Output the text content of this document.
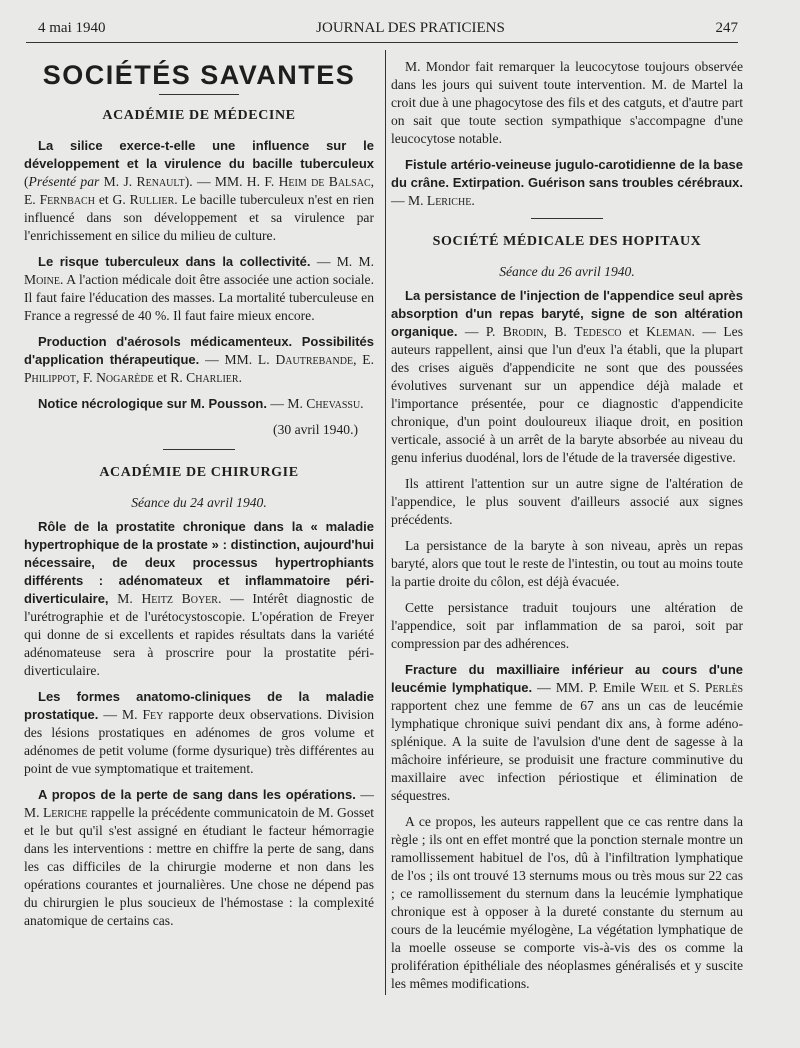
4 mai 1940	JOURNAL DES PRATICIENS	247
SOCIÉTÉS SAVANTES
ACADÉMIE DE MÉDECINE

La silice exerce-t-elle une influence sur le développement et la virulence du bacille tuberculeux (Présenté par M. J. Renault). — MM. H. F. Heim de Balsac, E. Fernbach et G. Rullier. Le bacille tuberculeux n'est en rien influencé dans son développement et sa virulence par l'enrichissement en silice du milieu de culture.

Le risque tuberculeux dans la collectivité. — M. M. Moine. A l'action médicale doit être associée une action sociale. Il faut faire l'éducation des masses. La mortalité tuberculeuse en France a regressé de 40 %. Il faut faire mieux encore.

Production d'aérosols médicamenteux. Possibilités d'application thérapeutique. — MM. L. Dautrebande, E. Philippot, F. Nogarède et R. Charlier.

Notice nécrologique sur M. Pousson. — M. Chevassu.

(30 avril 1940.)
ACADÉMIE DE CHIRURGIE
Séance du 24 avril 1940.

Rôle de la prostatite chronique dans la « maladie hypertrophique de la prostate » : distinction, aujourd'hui nécessaire, de deux processus hypertrophiants différents : adénomateux et inflammatoire péri-diverticulaire, M. Heitz Boyer. — Intérêt diagnostic de l'urétrographie et de l'urétocystoscopie. L'opération de Freyer qui donne de si excellents et rapides résultats dans la variété adénomateuse sera à proscrire pour la prostatite péri-diverticulaire.

Les formes anatomo-cliniques de la maladie prostatique. — M. Fey rapporte deux observations. Division des lésions prostatiques en adénomes de gros volume et adénomes de petit volume (forme dysurique) très différentes au point de vue symptomatique et traitement.

A propos de la perte de sang dans les opérations. — M. Leriche rappelle la précédente communicatoin de M. Gosset et le but qu'il s'est assigné en étudiant le facteur hémorragie dans les interventions : mettre en chiffre la perte de sang, dans les cas difficiles de la chirurgie moderne et non dans les opérations courantes et journalières. Une chose ne dépend pas du chirurgien le plus soucieux de l'hémostase : la complexité anatomique de certains cas.

M. Mondor fait remarquer la leucocytose toujours observée dans les jours qui suivent toute intervention. M. de Martel la croit due à une phagocytose des fils et des catguts, et d'autre part on sait que toute section sympathique s'accompagne d'une leucocytose notable.

Fistule artério-veineuse jugulo-carotidienne de la base du crâne. Extirpation. Guérison sans troubles cérébraux. — M. Leriche.

SOCIÉTÉ MÉDICALE DES HOPITAUX
Séance du 26 avril 1940.

La persistance de l'injection de l'appendice seul après absorption d'un repas baryté, signe de son altération organique. — P. Brodin, B. Tedesco et Kleman. — Les auteurs rappellent, ainsi que l'un d'eux l'a établi, que la plupart des crises aiguës d'appendicite ne sont que des poussées évolutives survenant sur un appendice déjà malade et l'importance présentée, pour ce diagnostic d'appendicite chronique, d'un point douloureux iliaque droit, en position verticale, associé à un arrêt de la baryte absorbée au niveau du genu inferius duodénal, lors de l'étude de la traversée digestive.

Ils attirent l'attention sur un autre signe de l'altération de l'appendice, le plus souvent d'ailleurs associé aux signes précédents.

La persistance de la baryte à son niveau, après un repas baryté, alors que tout le reste de l'intestin, ou tout au moins toute la partie droite du côlon, est déjà évacuée.

Cette persistance traduit toujours une altération de l'appendice, soit par inflammation de sa paroi, soit par compression par des adhérences.

Fracture du maxilliaire inférieur au cours d'une leucémie lymphatique. — MM. P. Emile Weil et S. Perlès rapportent chez une femme de 67 ans un cas de leucémie lymphatique chronique suivi pendant dix ans, à forme adéno-splénique. A la suite de l'avulsion d'une dent de sagesse à la mâchoire inférieure, se produisit une fracture comminutive du maxillaire avec infection périostique et élimination de séquestres.

A ce propos, les auteurs rappellent que ce cas rentre dans la règle ; ils ont en effet montré que la ponction sternale montre un ramollissement habituel de l'os, dû à l'infiltration lymphatique de l'os ; ils ont trouvé 13 sternums mous ou très mous sur 22 cas ; ce ramollissement du sternum dans la leucémie lymphatique chronique est à opposer à la dureté constante du sternum au cours de la leucémie myélogène, La végétation lymphatique de la moelle osseuse se comporte vis-à-vis des os comme la prolifération épithéliale des néoplasmes généralisés et y suscite les mêmes modifications.
